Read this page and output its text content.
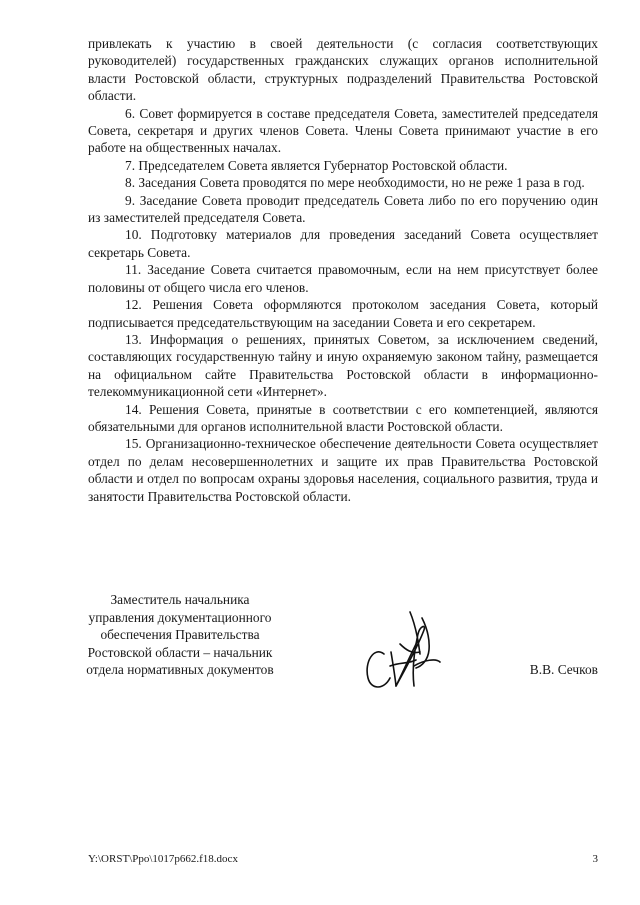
привлекать к участию в своей деятельности (с согласия соответствующих руководителей) государственных гражданских служащих органов исполнительной власти Ростовской области, структурных подразделений Правительства Ростовской области.

6. Совет формируется в составе председателя Совета, заместителей председателя Совета, секретаря и других членов Совета. Члены Совета принимают участие в его работе на общественных началах.

7. Председателем Совета является Губернатор Ростовской области.

8. Заседания Совета проводятся по мере необходимости, но не реже 1 раза в год.

9. Заседание Совета проводит председатель Совета либо по его поручению один из заместителей председателя Совета.

10. Подготовку материалов для проведения заседаний Совета осуществляет секретарь Совета.

11. Заседание Совета считается правомочным, если на нем присутствует более половины от общего числа его членов.

12. Решения Совета оформляются протоколом заседания Совета, который подписывается председательствующим на заседании Совета и его секретарем.

13. Информация о решениях, принятых Советом, за исключением сведений, составляющих государственную тайну и иную охраняемую законом тайну, размещается на официальном сайте Правительства Ростовской области в информационно-телекоммуникационной сети «Интернет».

14. Решения Совета, принятые в соответствии с его компетенцией, являются обязательными для органов исполнительной власти Ростовской области.

15. Организационно-техническое обеспечение деятельности Совета осуществляет отдел по делам несовершеннолетних и защите их прав Правительства Ростовской области и отдел по вопросам охраны здоровья населения, социального развития, труда и занятости Правительства Ростовской области.

Заместитель начальника
управления документационного
обеспечения Правительства
Ростовской области – начальник
отдела нормативных документов	В.В. Сечков
Y:\ORST\Ppo\1017p662.f18.docx	3
